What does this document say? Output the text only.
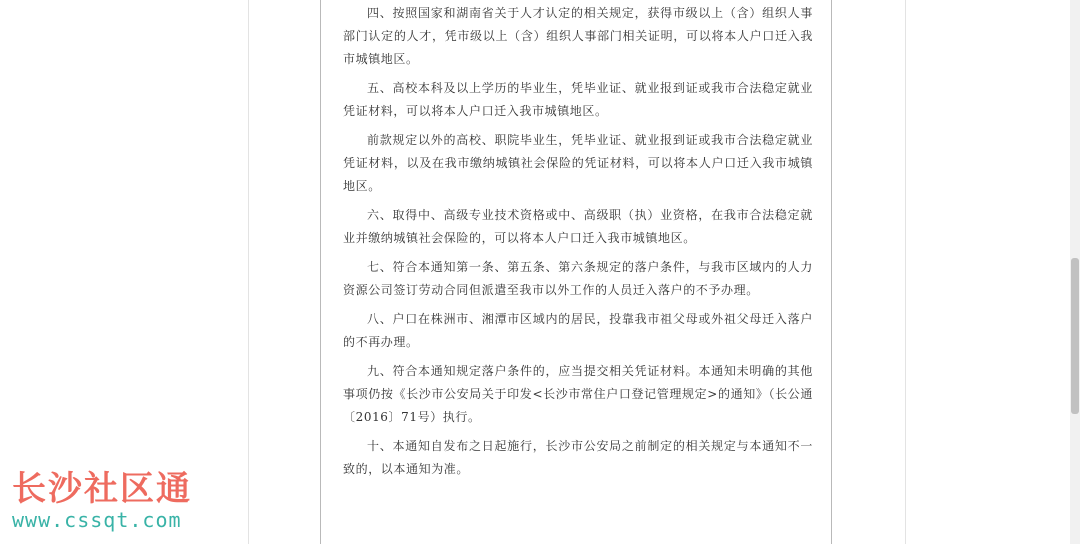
四、按照国家和湖南省关于人才认定的相关规定，获得市级以上（含）组织人事部门认定的人才，凭市级以上（含）组织人事部门相关证明，可以将本人户口迁入我市城镇地区。

五、高校本科及以上学历的毕业生，凭毕业证、就业报到证或我市合法稳定就业凭证材料，可以将本人户口迁入我市城镇地区。

前款规定以外的高校、职院毕业生，凭毕业证、就业报到证或我市合法稳定就业凭证材料，以及在我市缴纳城镇社会保险的凭证材料，可以将本人户口迁入我市城镇地区。

六、取得中、高级专业技术资格或中、高级职（执）业资格，在我市合法稳定就业并缴纳城镇社会保险的，可以将本人户口迁入我市城镇地区。

七、符合本通知第一条、第五条、第六条规定的落户条件，与我市区域内的人力资源公司签订劳动合同但派遣至我市以外工作的人员迁入落户的不予办理。

八、户口在株洲市、湘潭市区域内的居民，投靠我市祖父母或外祖父母迁入落户的不再办理。

九、符合本通知规定落户条件的，应当提交相关凭证材料。本通知未明确的其他事项仍按《长沙市公安局关于印发<长沙市常住户口登记管理规定>的通知》（长公通〔2016〕71号）执行。

十、本通知自发布之日起施行，长沙市公安局之前制定的相关规定与本通知不一致的，以本通知为准。

长沙社区通
www.cssqt.com
